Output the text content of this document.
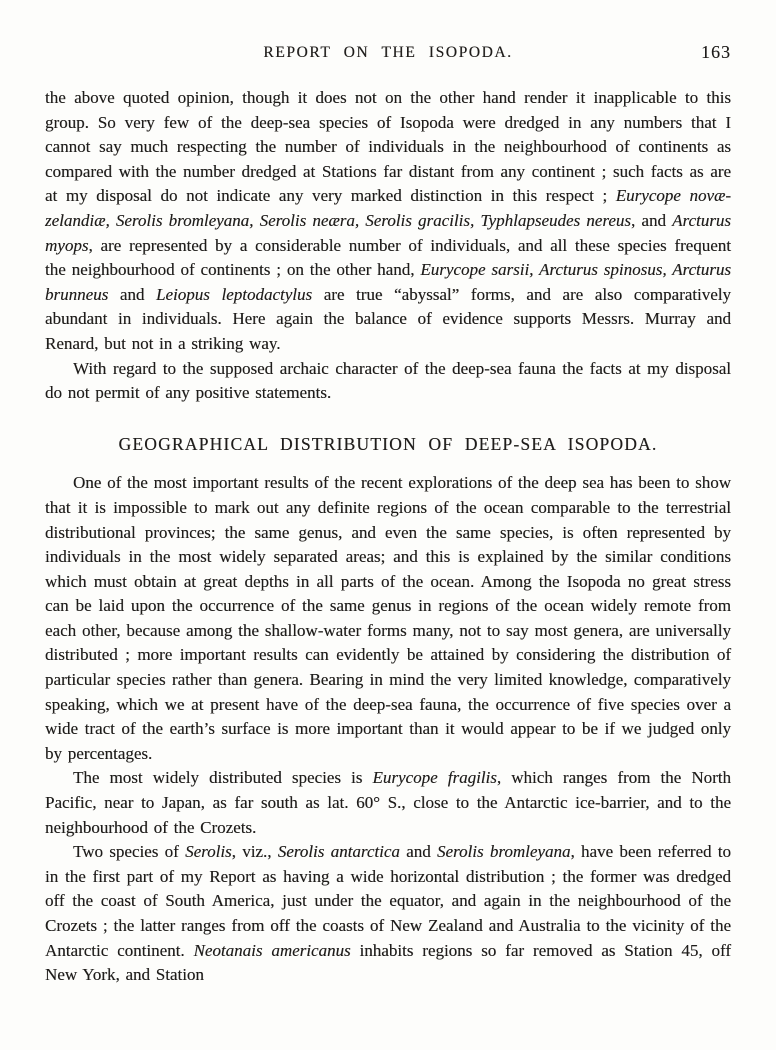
REPORT ON THE ISOPODA.	163

the above quoted opinion, though it does not on the other hand render it inapplicable to this group. So very few of the deep-sea species of Isopoda were dredged in any numbers that I cannot say much respecting the number of individuals in the neighbourhood of continents as compared with the number dredged at Stations far distant from any continent ; such facts as are at my disposal do not indicate any very marked distinction in this respect ; Eurycope novæ-zelandiæ, Serolis bromleyana, Serolis neæra, Serolis gracilis, Typhlapseudes nereus, and Arcturus myops, are represented by a considerable number of individuals, and all these species frequent the neighbourhood of continents ; on the other hand, Eurycope sarsii, Arcturus spinosus, Arcturus brunneus and Leiopus leptodactylus are true “abyssal” forms, and are also comparatively abundant in individuals. Here again the balance of evidence supports Messrs. Murray and Renard, but not in a striking way.

With regard to the supposed archaic character of the deep-sea fauna the facts at my disposal do not permit of any positive statements.

GEOGRAPHICAL DISTRIBUTION OF DEEP-SEA ISOPODA.

One of the most important results of the recent explorations of the deep sea has been to show that it is impossible to mark out any definite regions of the ocean comparable to the terrestrial distributional provinces; the same genus, and even the same species, is often represented by individuals in the most widely separated areas; and this is explained by the similar conditions which must obtain at great depths in all parts of the ocean. Among the Isopoda no great stress can be laid upon the occurrence of the same genus in regions of the ocean widely remote from each other, because among the shallow-water forms many, not to say most genera, are universally distributed ; more important results can evidently be attained by considering the distribution of particular species rather than genera. Bearing in mind the very limited knowledge, comparatively speaking, which we at present have of the deep-sea fauna, the occurrence of five species over a wide tract of the earth’s surface is more important than it would appear to be if we judged only by percentages.

The most widely distributed species is Eurycope fragilis, which ranges from the North Pacific, near to Japan, as far south as lat. 60° S., close to the Antarctic ice-barrier, and to the neighbourhood of the Crozets.

Two species of Serolis, viz., Serolis antarctica and Serolis bromleyana, have been referred to in the first part of my Report as having a wide horizontal distribution ; the former was dredged off the coast of South America, just under the equator, and again in the neighbourhood of the Crozets ; the latter ranges from off the coasts of New Zealand and Australia to the vicinity of the Antarctic continent. Neotanais americanus inhabits regions so far removed as Station 45, off New York, and Station
